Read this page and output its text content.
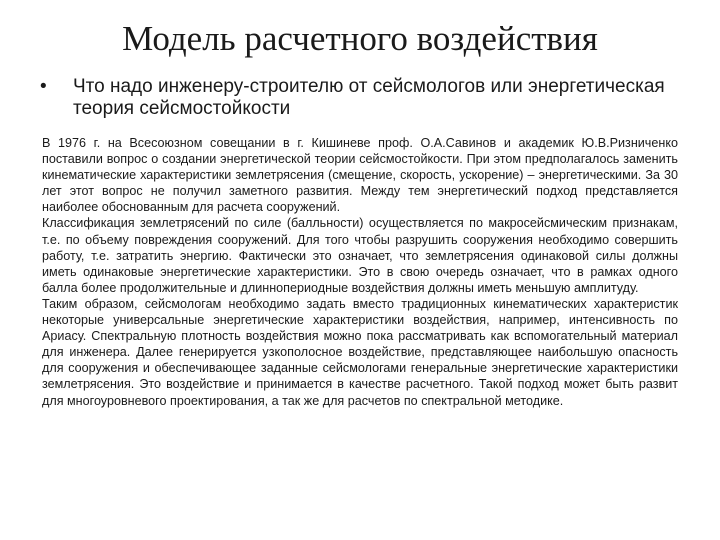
Модель расчетного воздействия
• Что надо инженеру-строителю от сейсмологов или энергетическая теория сейсмостойкости

В 1976 г. на Всесоюзном совещании в г. Кишиневе проф. О.А.Савинов и академик Ю.В.Ризниченко поставили вопрос о создании энергетической теории сейсмостойкости. При этом предполагалось заменить кинематические характеристики землетрясения (смещение, скорость, ускорение) – энергетическими. За 30 лет этот вопрос не получил заметного развития. Между тем энергетический подход представляется наиболее обоснованным для расчета сооружений.

Классификация землетрясений по силе (балльности) осуществляется по макросейсмическим признакам, т.е. по объему повреждения сооружений. Для того чтобы разрушить сооружения необходимо совершить работу, т.е. затратить энергию. Фактически это означает, что землетрясения одинаковой силы должны иметь одинаковые энергетические характеристики. Это в свою очередь означает, что в рамках одного балла более продолжительные и длиннопериодные воздействия должны иметь меньшую амплитуду.

Таким образом, сейсмологам необходимо задать вместо традиционных кинематических характеристик некоторые универсальные энергетические характеристики воздействия, например, интенсивность по Ариасу. Спектральную плотность воздействия можно пока рассматривать как вспомогательный материал для инженера. Далее генерируется узкополосное воздействие, представляющее наибольшую опасность для сооружения и обеспечивающее заданные сейсмологами генеральные энергетические характеристики землетрясения. Это воздействие и принимается в качестве расчетного. Такой подход может быть развит для многоуровневого проектирования, а так же для расчетов по спектральной методике.
